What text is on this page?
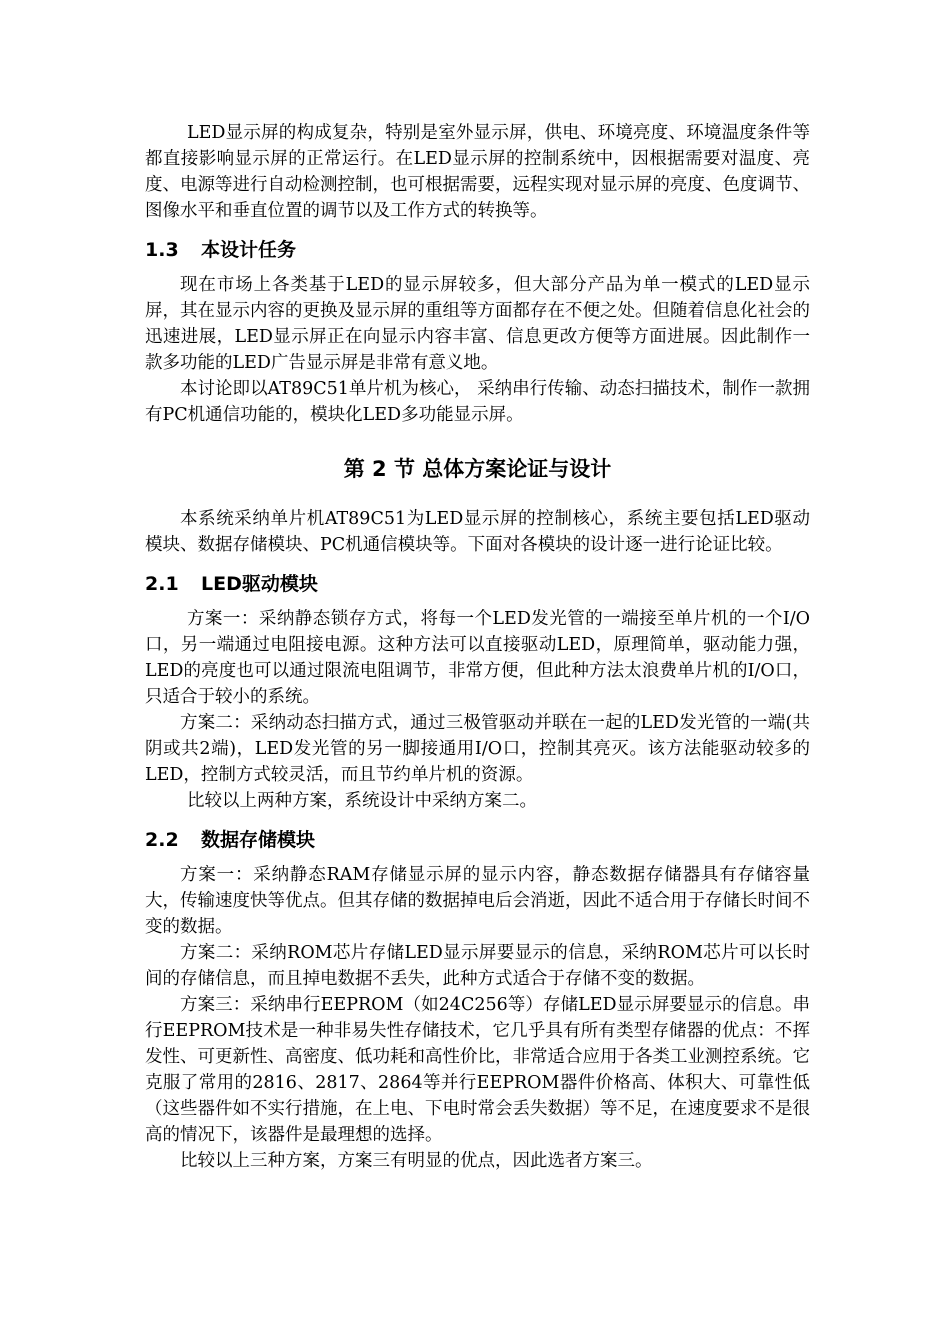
LED显示屏的构成复杂，特别是室外显示屏，供电、环境亮度、环境温度条件等都直接影响显示屏的正常运行。在LED显示屏的控制系统中，因根据需要对温度、亮度、电源等进行自动检测控制，也可根据需要，远程实现对显示屏的亮度、色度调节、图像水平和垂直位置的调节以及工作方式的转换等。

1.3 本设计任务

现在市场上各类基于LED的显示屏较多，但大部分产品为单一模式的LED显示屏，其在显示内容的更换及显示屏的重组等方面都存在不便之处。但随着信息化社会的迅速进展，LED显示屏正在向显示内容丰富、信息更改方便等方面进展。因此制作一款多功能的LED广告显示屏是非常有意义地。

本讨论即以AT89C51单片机为核心， 采纳串行传输、动态扫描技术，制作一款拥有PC机通信功能的，模块化LED多功能显示屏。

第 2 节 总体方案论证与设计

本系统采纳单片机AT89C51为LED显示屏的控制核心，系统主要包括LED驱动模块、数据存储模块、PC机通信模块等。下面对各模块的设计逐一进行论证比较。

2.1 LED驱动模块

方案一：采纳静态锁存方式，将每一个LED发光管的一端接至单片机的一个I/O口，另一端通过电阻接电源。这种方法可以直接驱动LED，原理简单，驱动能力强，LED的亮度也可以通过限流电阻调节，非常方便，但此种方法太浪费单片机的I/O口，只适合于较小的系统。

方案二：采纳动态扫描方式，通过三极管驱动并联在一起的LED发光管的一端(共阴或共2端)，LED发光管的另一脚接通用I/O口，控制其亮灭。该方法能驱动较多的LED，控制方式较灵活，而且节约单片机的资源。

比较以上两种方案，系统设计中采纳方案二。

2.2 数据存储模块

方案一：采纳静态RAM存储显示屏的显示内容，静态数据存储器具有存储容量大，传输速度快等优点。但其存储的数据掉电后会消逝，因此不适合用于存储长时间不变的数据。

方案二：采纳ROM芯片存储LED显示屏要显示的信息，采纳ROM芯片可以长时间的存储信息，而且掉电数据不丢失，此种方式适合于存储不变的数据。

方案三：采纳串行EEPROM（如24C256等）存储LED显示屏要显示的信息。串行EEPROM技术是一种非易失性存储技术，它几乎具有所有类型存储器的优点：不挥发性、可更新性、高密度、低功耗和高性价比，非常适合应用于各类工业测控系统。它克服了常用的2816、2817、2864等并行EEPROM器件价格高、体积大、可靠性低（这些器件如不实行措施，在上电、下电时常会丢失数据）等不足，在速度要求不是很高的情况下，该器件是最理想的选择。

比较以上三种方案，方案三有明显的优点，因此选者方案三。
